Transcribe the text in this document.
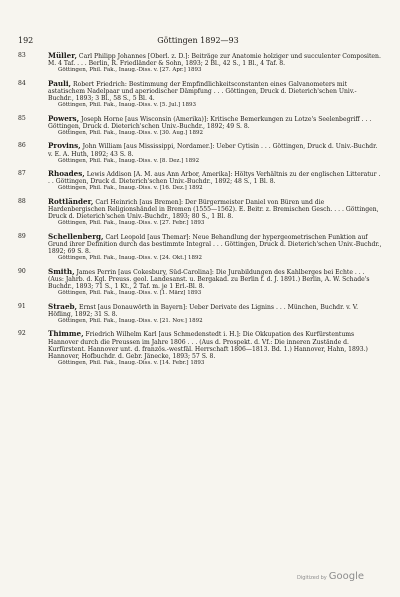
192	Göttingen 1892—93
83	Müller, Carl Philipp Johannes [Oberl. z. D.]: Beiträge zur Anatomie holziger und succulenter Compositen. M. 4 Taf. . . . Berlin, R. Friedländer & Sohn, 1893; 2 Bl., 42 S., 1 Bl., 4 Taf. 8.
Göttingen, Phil. Fak., Inaug.-Diss. v. [27. Apr.] 1893
84	Pauli, Robert Friedrich: Bestimmung der Empfindlichkeitsconstanten eines Galvanometers mit astatischem Nadelpaar und aperiodischer Dämpfung . . . Göttingen, Druck d. Dieterich'schen Univ.-Buchdr., 1893; 3 Bl., 58 S., 5 Bl. 4.
Göttingen, Phil. Fak., Inaug.-Diss. v. [5. Jul.] 1893
85	Powers, Joseph Horne [aus Wisconsin (Amerika)]: Kritische Bemerkungen zu Lotze's Seelenbegriff . . . Göttingen, Druck d. Dieterich'schen Univ.-Buchdr., 1892; 49 S. 8.
Göttingen, Phil. Fak., Inaug.-Diss. v. [30. Aug.] 1892
86	Provins, John William [aus Mississippi, Nordamer.]: Ueber Cytisin . . . Göttingen, Druck d. Univ.-Buchdr. v. E. A. Huth, 1892; 43 S. 8.
Göttingen, Phil. Fak., Inaug.-Diss. v. [8. Dez.] 1892
87	Rhoades, Lewis Addison [A. M. aus Ann Arbor, Amerika]: Höltys Verhältnis zu der englischen Litteratur . . . Göttingen, Druck d. Dieterich'schen Univ.-Buchdr., 1892; 48 S., 1 Bl. 8.
Göttingen, Phil. Fak., Inaug.-Diss. v. [16. Dez.] 1892
88	Rottländer, Carl Heinrich [aus Bremen]: Der Bürgermeister Daniel von Büren und die Hardenbergischen Religionshändel in Bremen (1555—1562). E. Beitr. z. Bremischen Gesch. . . . Göttingen, Druck d. Dieterich'schen Univ.-Buchdr., 1893; 80 S., 1 Bl. 8.
Göttingen, Phil. Fak., Inaug.-Diss. v. [27. Febr.] 1893
89	Schellenberg, Carl Leopold [aus Themar]: Neue Behandlung der hypergeometrischen Funktion auf Grund ihrer Definition durch das bestimmte Integral . . . Göttingen, Druck d. Dieterich'schen Univ.-Buchdr., 1892; 69 S. 8.
Göttingen, Phil. Fak., Inaug.-Diss. v. [24. Okt.] 1892
90	Smith, James Perrin [aus Cokesbury, Süd-Carolina]: Die Jurabildungen des Kahlberges bei Echte . . . (Aus: Jahrb. d. Kgl. Preuss. geol. Landesanst. u. Bergakad. zu Berlin f. d. J. 1891.) Berlin, A. W. Schade's Buchdr., 1893; 71 S., 1 Kt., 2 Taf. m. je 1 Erl.-Bl. 8.
Göttingen, Phil. Fak., Inaug.-Diss. v. [1. März] 1893
91	Straeb, Ernst [aus Donauwörth in Bayern]: Ueber Derivate des Lignins . . . München, Buchdr. v. V. Höfling, 1892; 31 S. 8.
Göttingen, Phil. Fak., Inaug.-Diss. v. [21. Nov.] 1892
92	Thimme, Friedrich Wilhelm Karl [aus Schmedenstedt i. H.]: Die Okkupation des Kurfürstentums Hannover durch die Preussen im Jahre 1806 . . . (Aus d. Prospekt. d. Vf.: Die inneren Zustände d. Kurfürstent. Hannover unt. d. französ.-westfäl. Herrschaft 1806—1813. Bd. 1.) Hannover, Hahn, 1893.) Hannover, Hofbuchdr. d. Gebr. Jänecke, 1893; 57 S. 8.
Göttingen, Phil. Fak., Inaug.-Diss. v. [14. Febr.] 1893
Digitized by Google
